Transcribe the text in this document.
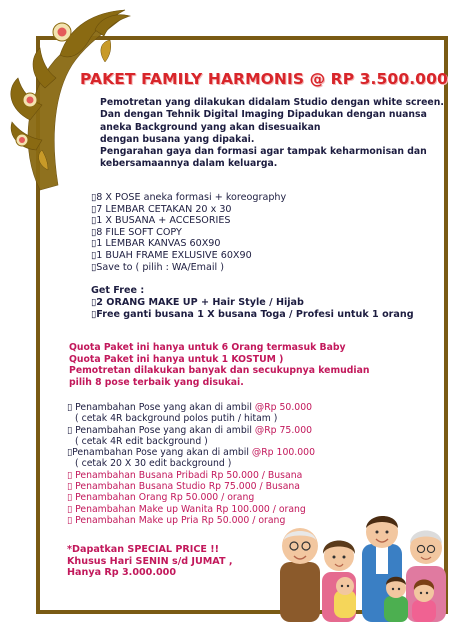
PAKET FAMILY HARMONIS @ RP 3.500.000
Pemotretan yang dilakukan didalam Studio dengan white screen.
Dan dengan Tehnik Digital Imaging Dipadukan dengan nuansa
aneka Background yang akan disesuaikan
dengan busana yang dipakai.
Pengarahan gaya dan formasi agar tampak keharmonisan dan
kebersamaannya dalam keluarga.
▯8 X POSE aneka formasi + koreography
▯7 LEMBAR CETAKAN 20 x 30
▯1 X BUSANA + ACCESORIES
▯8 FILE SOFT COPY
▯1 LEMBAR KANVAS 60X90
▯1 BUAH FRAME EXLUSIVE 60X90
▯Save to ( pilih : WA/Email )
Get Free :
▯2 ORANG MAKE UP + Hair Style / Hijab
▯Free ganti busana 1 X busana Toga / Profesi untuk 1 orang
Quota Paket ini hanya untuk 6 Orang termasuk Baby
Quota Paket ini hanya untuk 1 KOSTUM )
Pemotretan dilakukan banyak dan secukupnya kemudian
pilih 8 pose terbaik yang disukai.
▯ Penambahan Pose yang akan di ambil @Rp 50.000
( cetak 4R background polos putih / hitam )
▯ Penambahan Pose yang akan di ambil @Rp 75.000
( cetak 4R edit background )
▯Penambahan Pose yang akan di ambil @Rp 100.000
( cetak 20 X 30 edit background )
▯ Penambahan Busana Pribadi Rp 50.000 / Busana
▯ Penambahan Busana Studio Rp 75.000 / Busana
▯ Penambahan Orang Rp 50.000 / orang
▯ Penambahan Make up Wanita Rp 100.000 / orang
▯ Penambahan Make up Pria Rp 50.000 / orang
*Dapatkan SPECIAL PRICE !!
Khusus Hari SENIN s/d JUMAT ,
Hanya Rp 3.000.000
